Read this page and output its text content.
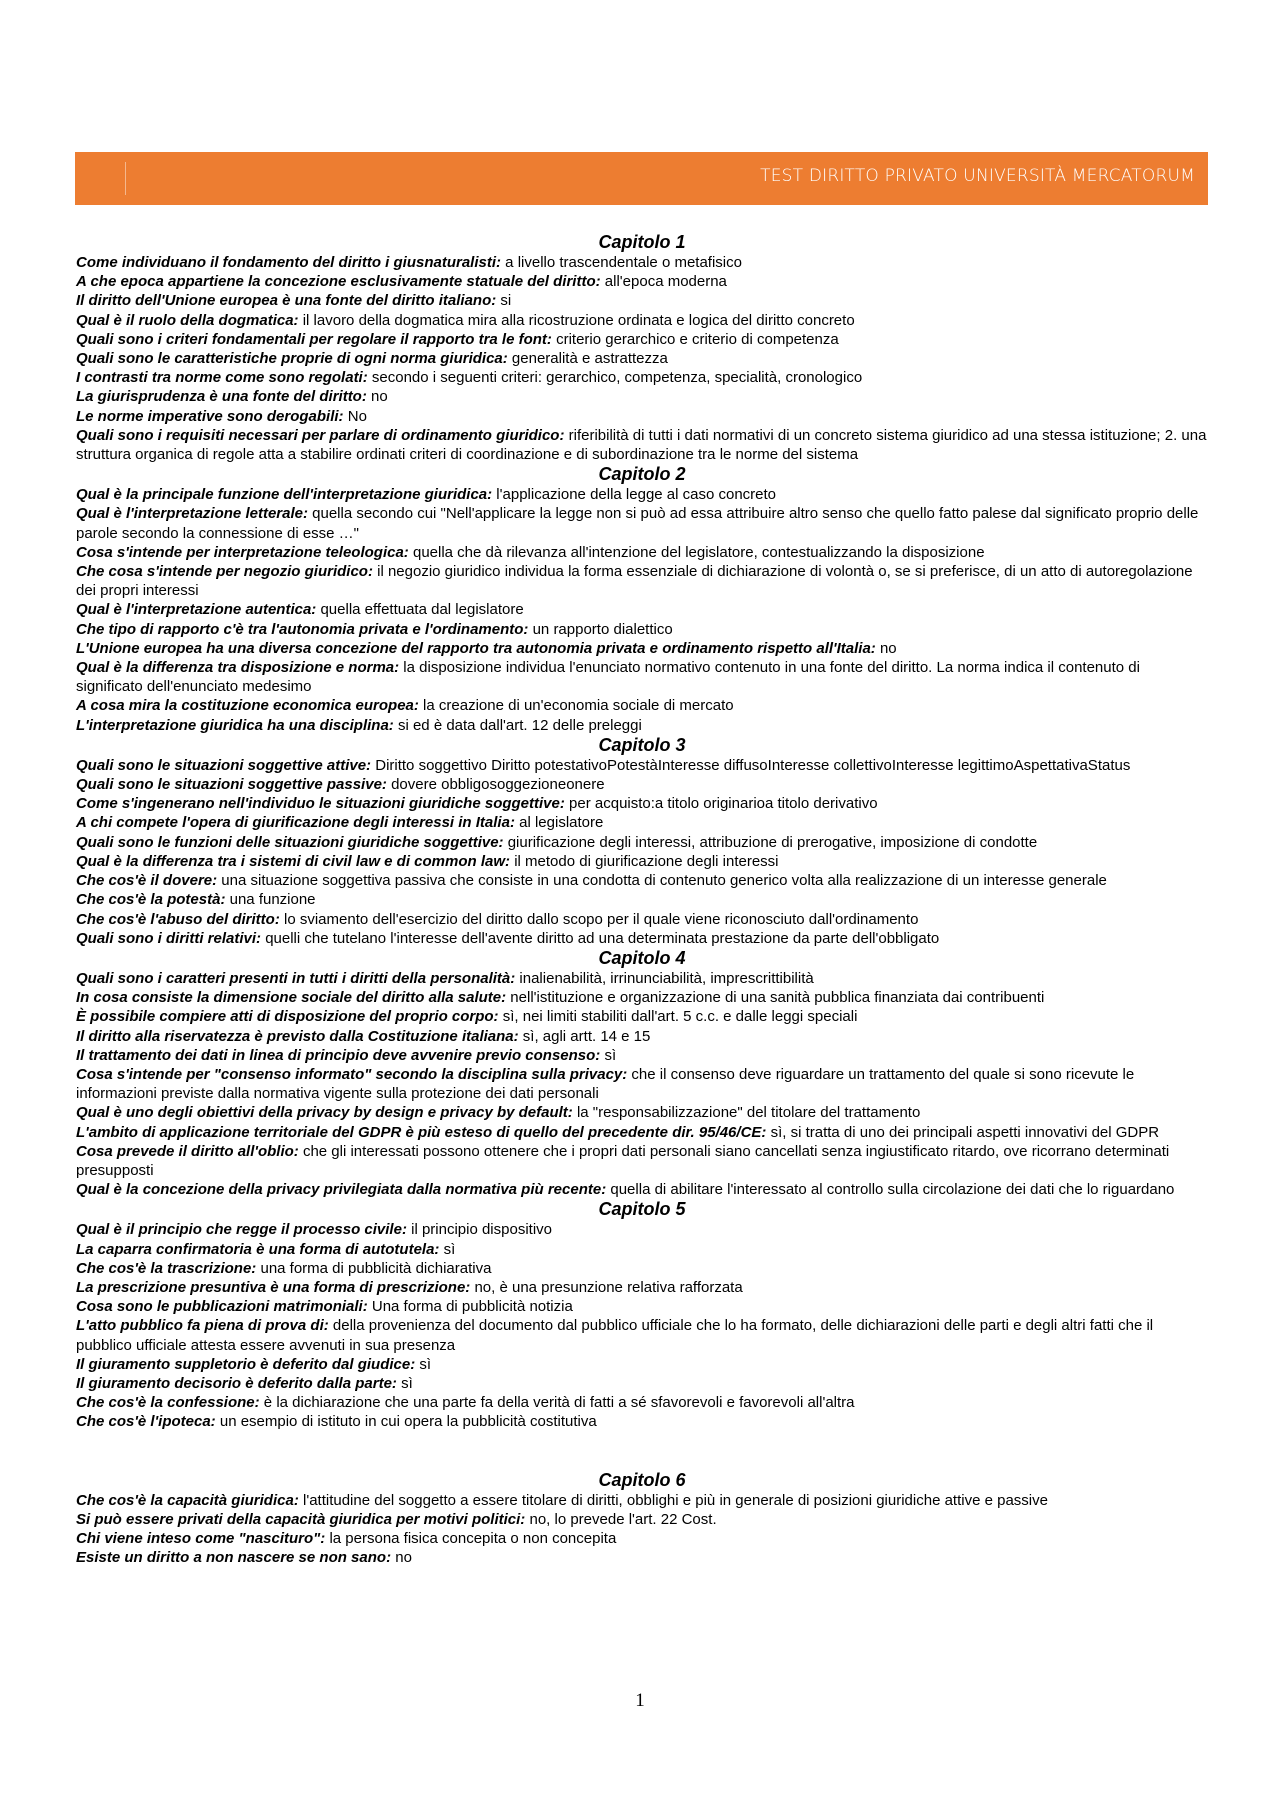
TEST DIRITTO PRIVATO UNIVERSITÀ MERCATORUM
Capitolo 1

Come individuano il fondamento del diritto i giusnaturalisti: a livello trascendentale o metafisico

A che epoca appartiene la concezione esclusivamente statuale del diritto: all'epoca moderna

Il diritto dell'Unione europea è una fonte del diritto italiano: si

Qual è il ruolo della dogmatica: il lavoro della dogmatica mira alla ricostruzione ordinata e logica del diritto concreto

Quali sono i criteri fondamentali per regolare il rapporto tra le font: criterio gerarchico e criterio di competenza

Quali sono le caratteristiche proprie di ogni norma giuridica: generalità e astrattezza

I contrasti tra norme come sono regolati: secondo i seguenti criteri: gerarchico, competenza, specialità, cronologico

La giurisprudenza è una fonte del diritto: no

Le norme imperative sono derogabili: No

Quali sono i requisiti necessari per parlare di ordinamento giuridico: riferibilità di tutti i dati normativi di un concreto sistema giuridico ad una stessa istituzione; 2. una struttura organica di regole atta a stabilire ordinati criteri di coordinazione e di subordinazione tra le norme del sistema

Capitolo 2

Qual è la principale funzione dell'interpretazione giuridica: l'applicazione della legge al caso concreto

Qual è l'interpretazione letterale: quella secondo cui "Nell'applicare la legge non si può ad essa attribuire altro senso che quello fatto palese dal significato proprio delle parole secondo la connessione di esse …"

Cosa s'intende per interpretazione teleologica: quella che dà rilevanza all'intenzione del legislatore, contestualizzando la disposizione

Che cosa s'intende per negozio giuridico: il negozio giuridico individua la forma essenziale di dichiarazione di volontà o, se si preferisce, di un atto di autoregolazione dei propri interessi

Qual è l'interpretazione autentica: quella effettuata dal legislatore

Che tipo di rapporto c'è tra l'autonomia privata e l'ordinamento: un rapporto dialettico

L'Unione europea ha una diversa concezione del rapporto tra autonomia privata e ordinamento rispetto all'Italia: no

Qual è la differenza tra disposizione e norma: la disposizione individua l'enunciato normativo contenuto in una fonte del diritto. La norma indica il contenuto di significato dell'enunciato medesimo

A cosa mira la costituzione economica europea: la creazione di un'economia sociale di mercato

L'interpretazione giuridica ha una disciplina: si ed è data dall'art. 12 delle preleggi

Capitolo 3

Quali sono le situazioni soggettive attive: Diritto soggettivo Diritto potestativoPotestàInteresse diffusoInteresse collettivoInteresse legittimoAspettativaStatus

Quali sono le situazioni soggettive passive: dovere obbligosoggezioneonere

Come s'ingenerano nell'individuo le situazioni giuridiche soggettive: per acquisto:a titolo originarioa titolo derivativo

A chi compete l'opera di giurificazione degli interessi in Italia: al legislatore

Quali sono le funzioni delle situazioni giuridiche soggettive: giurificazione degli interessi, attribuzione di prerogative, imposizione di condotte

Qual è la differenza tra i sistemi di civil law e di common law: il metodo di giurificazione degli interessi

Che cos'è il dovere: una situazione soggettiva passiva che consiste in una condotta di contenuto generico volta alla realizzazione di un interesse generale

Che cos'è la potestà: una funzione

Che cos'è l'abuso del diritto: lo sviamento dell'esercizio del diritto dallo scopo per il quale viene riconosciuto dall'ordinamento

Quali sono i diritti relativi: quelli che tutelano l'interesse dell'avente diritto ad una determinata prestazione da parte dell'obbligato

Capitolo 4

Quali sono i caratteri presenti in tutti i diritti della personalità: inalienabilità, irrinunciabilità, imprescrittibilità

In cosa consiste la dimensione sociale del diritto alla salute: nell'istituzione e organizzazione di una sanità pubblica finanziata dai contribuenti

È possibile compiere atti di disposizione del proprio corpo: sì, nei limiti stabiliti dall'art. 5 c.c. e dalle leggi speciali

Il diritto alla riservatezza è previsto dalla Costituzione italiana: sì, agli artt. 14 e 15

Il trattamento dei dati in linea di principio deve avvenire previo consenso: sì

Cosa s'intende per "consenso informato" secondo la disciplina sulla privacy: che il consenso deve riguardare un trattamento del quale si sono ricevute le informazioni previste dalla normativa vigente sulla protezione dei dati personali

Qual è uno degli obiettivi della privacy by design e privacy by default: la "responsabilizzazione" del titolare del trattamento

L'ambito di applicazione territoriale del GDPR è più esteso di quello del precedente dir. 95/46/CE: sì, si tratta di uno dei principali aspetti innovativi del GDPR

Cosa prevede il diritto all'oblio: che gli interessati possono ottenere che i propri dati personali siano cancellati senza ingiustificato ritardo, ove ricorrano determinati presupposti

Qual è la concezione della privacy privilegiata dalla normativa più recente: quella di abilitare l'interessato al controllo sulla circolazione dei dati che lo riguardano

Capitolo 5

Qual è il principio che regge il processo civile: il principio dispositivo

La caparra confirmatoria è una forma di autotutela: sì

Che cos'è la trascrizione: una forma di pubblicità dichiarativa

La prescrizione presuntiva è una forma di prescrizione: no, è una presunzione relativa rafforzata

Cosa sono le pubblicazioni matrimoniali: Una forma di pubblicità notizia

L'atto pubblico fa piena di prova di: della provenienza del documento dal pubblico ufficiale che lo ha formato, delle dichiarazioni delle parti e degli altri fatti che il pubblico ufficiale attesta essere avvenuti in sua presenza

Il giuramento suppletorio è deferito dal giudice: sì

Il giuramento decisorio è deferito dalla parte: sì

Che cos'è la confessione: è la dichiarazione che una parte fa della verità di fatti a sé sfavorevoli e favorevoli all'altra

Che cos'è l'ipoteca: un esempio di istituto in cui opera la pubblicità costitutiva

Capitolo 6

Che cos'è la capacità giuridica: l'attitudine del soggetto a essere titolare di diritti, obblighi e più in generale di posizioni giuridiche attive e passive

Si può essere privati della capacità giuridica per motivi politici: no, lo prevede l'art. 22 Cost.

Chi viene inteso come "nascituro": la persona fisica concepita o non concepita

Esiste un diritto a non nascere se non sano: no

1
